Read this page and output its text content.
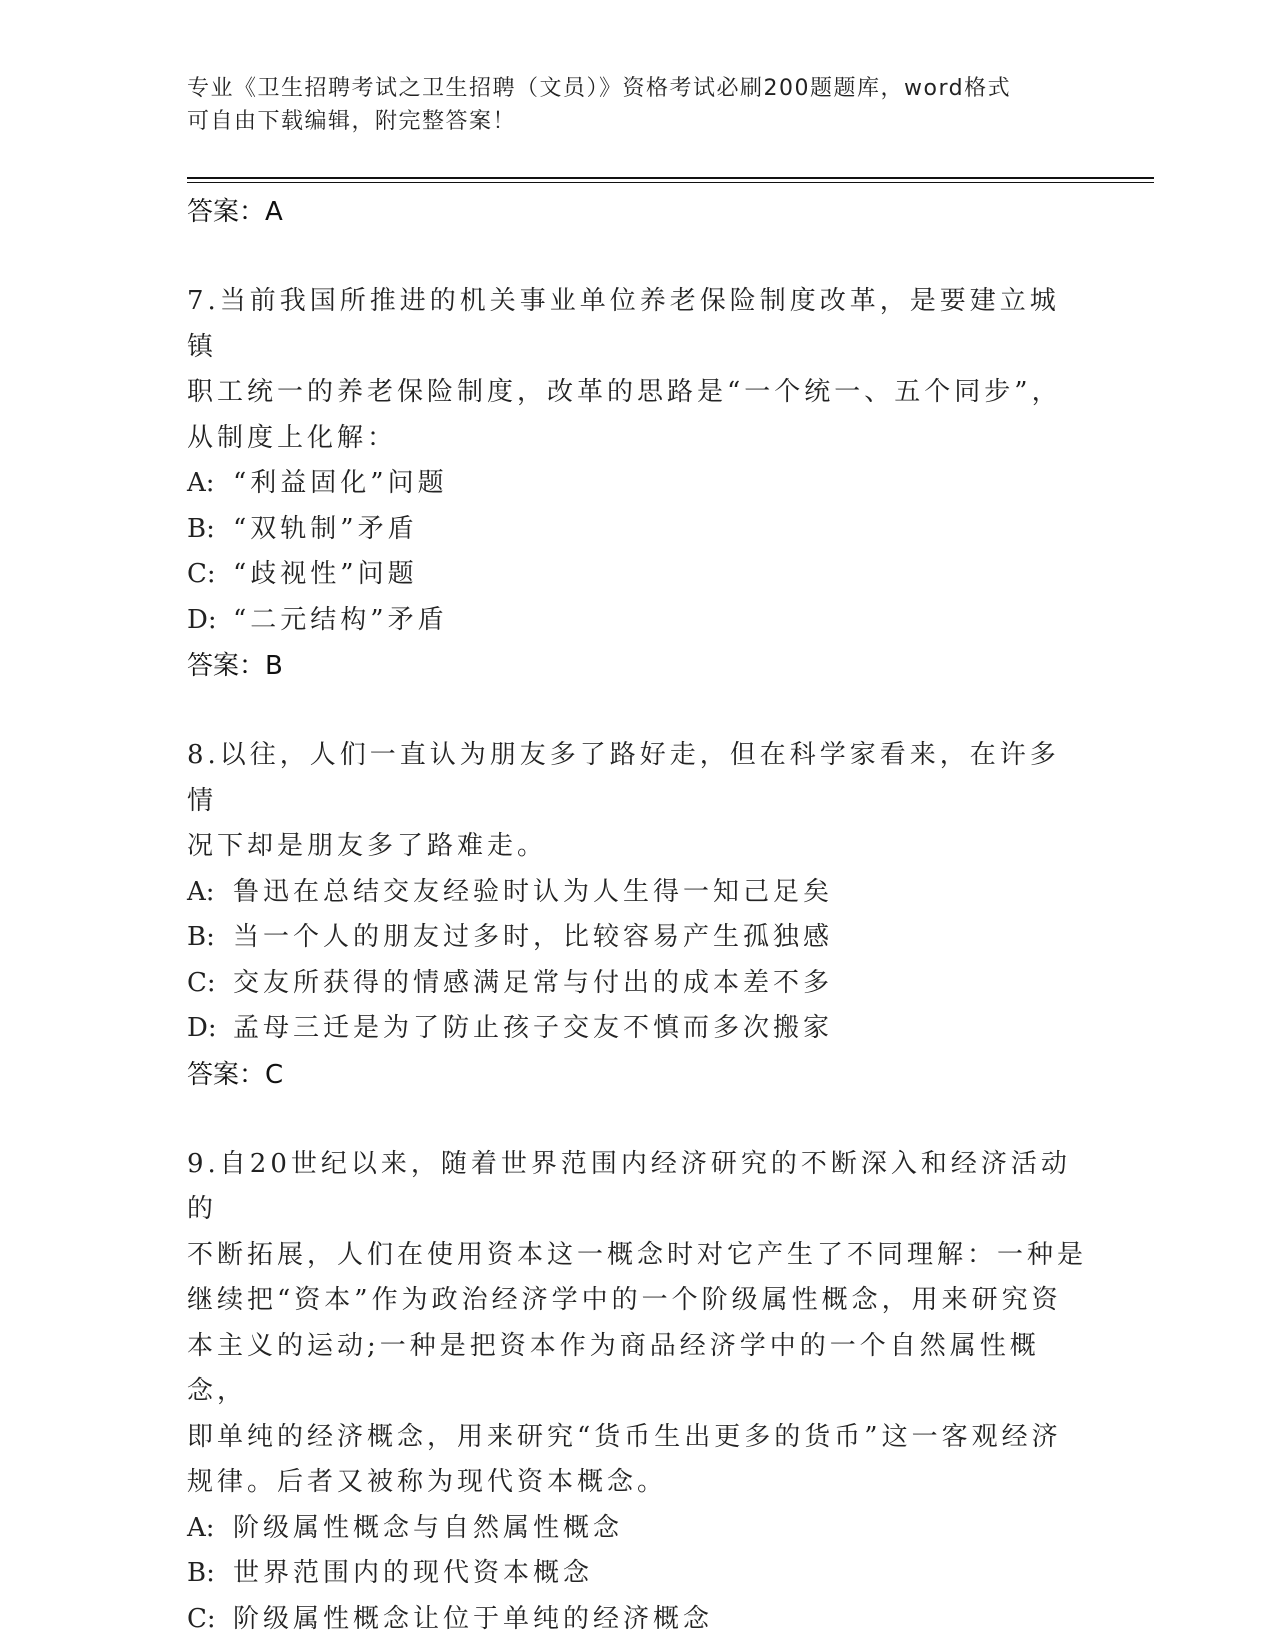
专业《卫生招聘考试之卫生招聘（文员）》资格考试必刷200题题库，word格式
可自由下载编辑，附完整答案！
答案：A
7.当前我国所推进的机关事业单位养老保险制度改革，是要建立城镇
职工统一的养老保险制度，改革的思路是“一个统一、五个同步”，
从制度上化解：
A: “利益固化”问题
B: “双轨制”矛盾
C: “歧视性”问题
D: “二元结构”矛盾
答案：B
8.以往，人们一直认为朋友多了路好走，但在科学家看来，在许多情
况下却是朋友多了路难走。
A: 鲁迅在总结交友经验时认为人生得一知己足矣
B: 当一个人的朋友过多时，比较容易产生孤独感
C: 交友所获得的情感满足常与付出的成本差不多
D: 孟母三迁是为了防止孩子交友不慎而多次搬家
答案：C
9.自20世纪以来，随着世界范围内经济研究的不断深入和经济活动的
不断拓展，人们在使用资本这一概念时对它产生了不同理解：一种是
继续把“资本”作为政治经济学中的一个阶级属性概念，用来研究资
本主义的运动;一种是把资本作为商品经济学中的一个自然属性概念，
即单纯的经济概念，用来研究“货币生出更多的货币”这一客观经济
规律。后者又被称为现代资本概念。
A: 阶级属性概念与自然属性概念
B: 世界范围内的现代资本概念
C: 阶级属性概念让位于单纯的经济概念
